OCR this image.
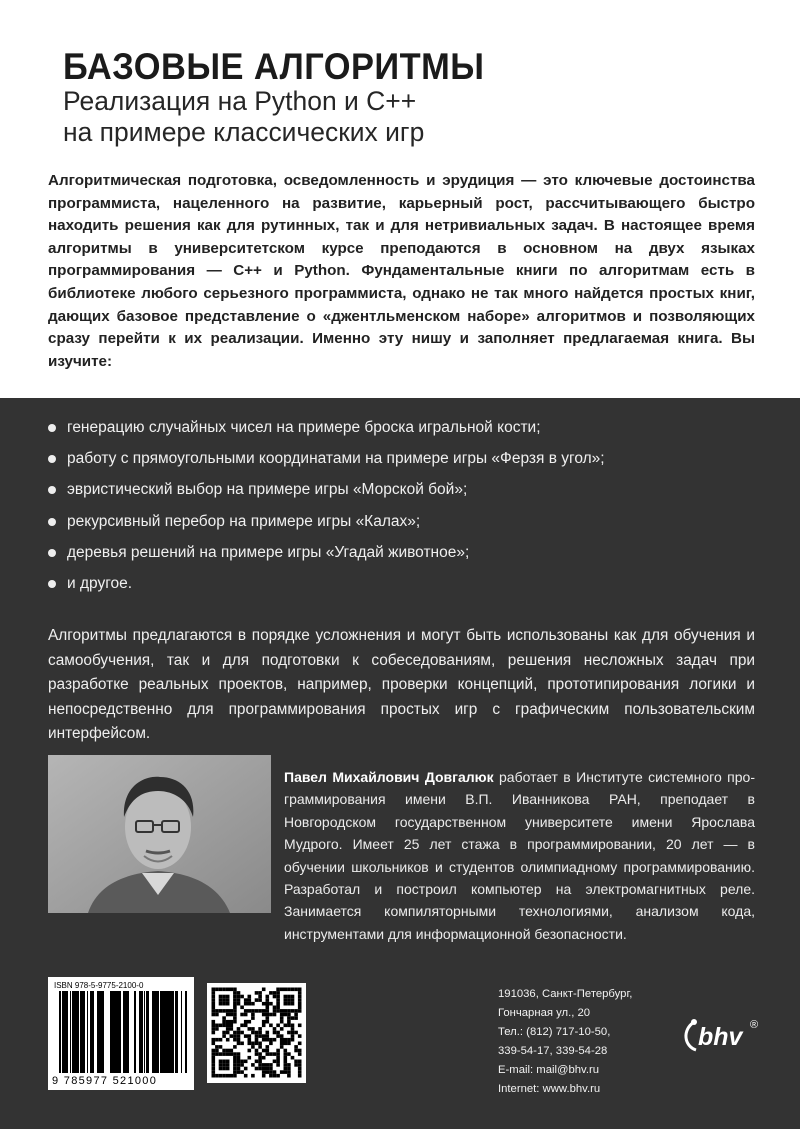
БАЗОВЫЕ АЛГОРИТМЫ
Реализация на Python и C++
на примере классических игр
Алгоритмическая подготовка, осведомленность и эрудиция — это ключевые достоинства программиста, нацеленного на развитие, карьерный рост, рассчитывающего быстро находить решения как для рутинных, так и для нетривиальных задач. В настоящее время алгоритмы в университетском курсе преподаются в основном на двух языках программирования — C++ и Python. Фундаментальные книги по алгоритмам есть в библиотеке любого серьезного программиста, однако не так много найдется простых книг, дающих базовое представление о «джентльменском наборе» алгоритмов и позволяющих сразу перейти к их реализации. Именно эту нишу и заполняет предлагаемая книга. Вы изучите:
генерацию случайных чисел на примере броска игральной кости;
работу с прямоугольными координатами на примере игры «Ферзя в угол»;
эвристический выбор на примере игры «Морской бой»;
рекурсивный перебор на примере игры «Калах»;
деревья решений на примере игры «Угадай животное»;
и другое.
Алгоритмы предлагаются в порядке усложнения и могут быть использованы как для обучения и самообучения, так и для подготовки к собеседованиям, решения несложных задач при разработке реальных проектов, например, проверки концепций, прототипирования логики и непосредственно для программирования простых игр с графическим пользовательским интерфейсом.
Павел Михайлович Довгалюк работает в Институте системного программирования имени В.П. Иванникова РАН, преподает в Новгородском государственном университете имени Ярослава Мудрого. Имеет 25 лет стажа в программировании, 20 лет — в обучении школьников и студентов олимпиадному программированию. Разработал и построил компьютер на электромагнитных реле. Занимается компиляторными технологиями, анализом кода, инструментами для информационной безопасности.
ISBN 978-5-9775-2100-0
9 785977 521000
191036, Санкт-Петербург,
Гончарная ул., 20
Тел.: (812) 717-10-50,
339-54-17, 339-54-28
E-mail: mail@bhv.ru
Internet: www.bhv.ru
bhv ®
